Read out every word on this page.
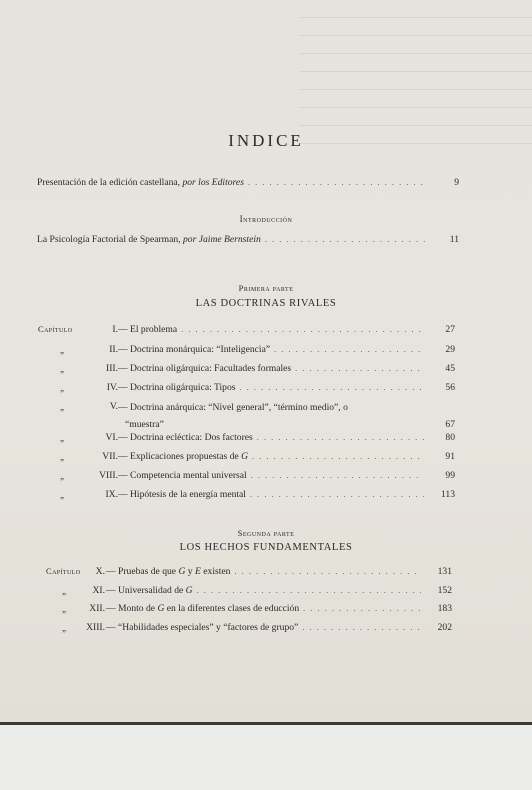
INDICE
Presentación de la edición castellana, por los Editores . . .	9
Introducción
La Psicología Factorial de Spearman, por Jaime Bernstein . . .	11
Primera parte
LAS DOCTRINAS RIVALES
Capítulo
Segunda parte
LOS HECHOS FUNDAMENTALES
Capítulo
I. — El problema . . .	27
„	II. — Doctrina monárquica: “Inteligencia” . . .	29
„	III. — Doctrina oligárquica: Facultades formales . . .	45
„	IV. — Doctrina oligárquica: Tipos . . .	56
„	V. — Doctrina anárquica: “Nivel general”, “término medio”, o
“muestra”	67
„	VI. — Doctrina ecléctica: Dos factores . . .	80
„	VII. — Explicaciones propuestas de G . . .	91
„	VIII. — Competencia mental universal . . .	99
„	IX. — Hipótesis de la energía mental . . .	113
X. — Pruebas de que G y E existen . . .	131
„	XI. — Universalidad de G . . .	152
„	XII. — Monto de G en la diferentes clases de educción . . .	183
„	XIII. — “Habilidades especiales” y “factores de grupo” . . .	202
